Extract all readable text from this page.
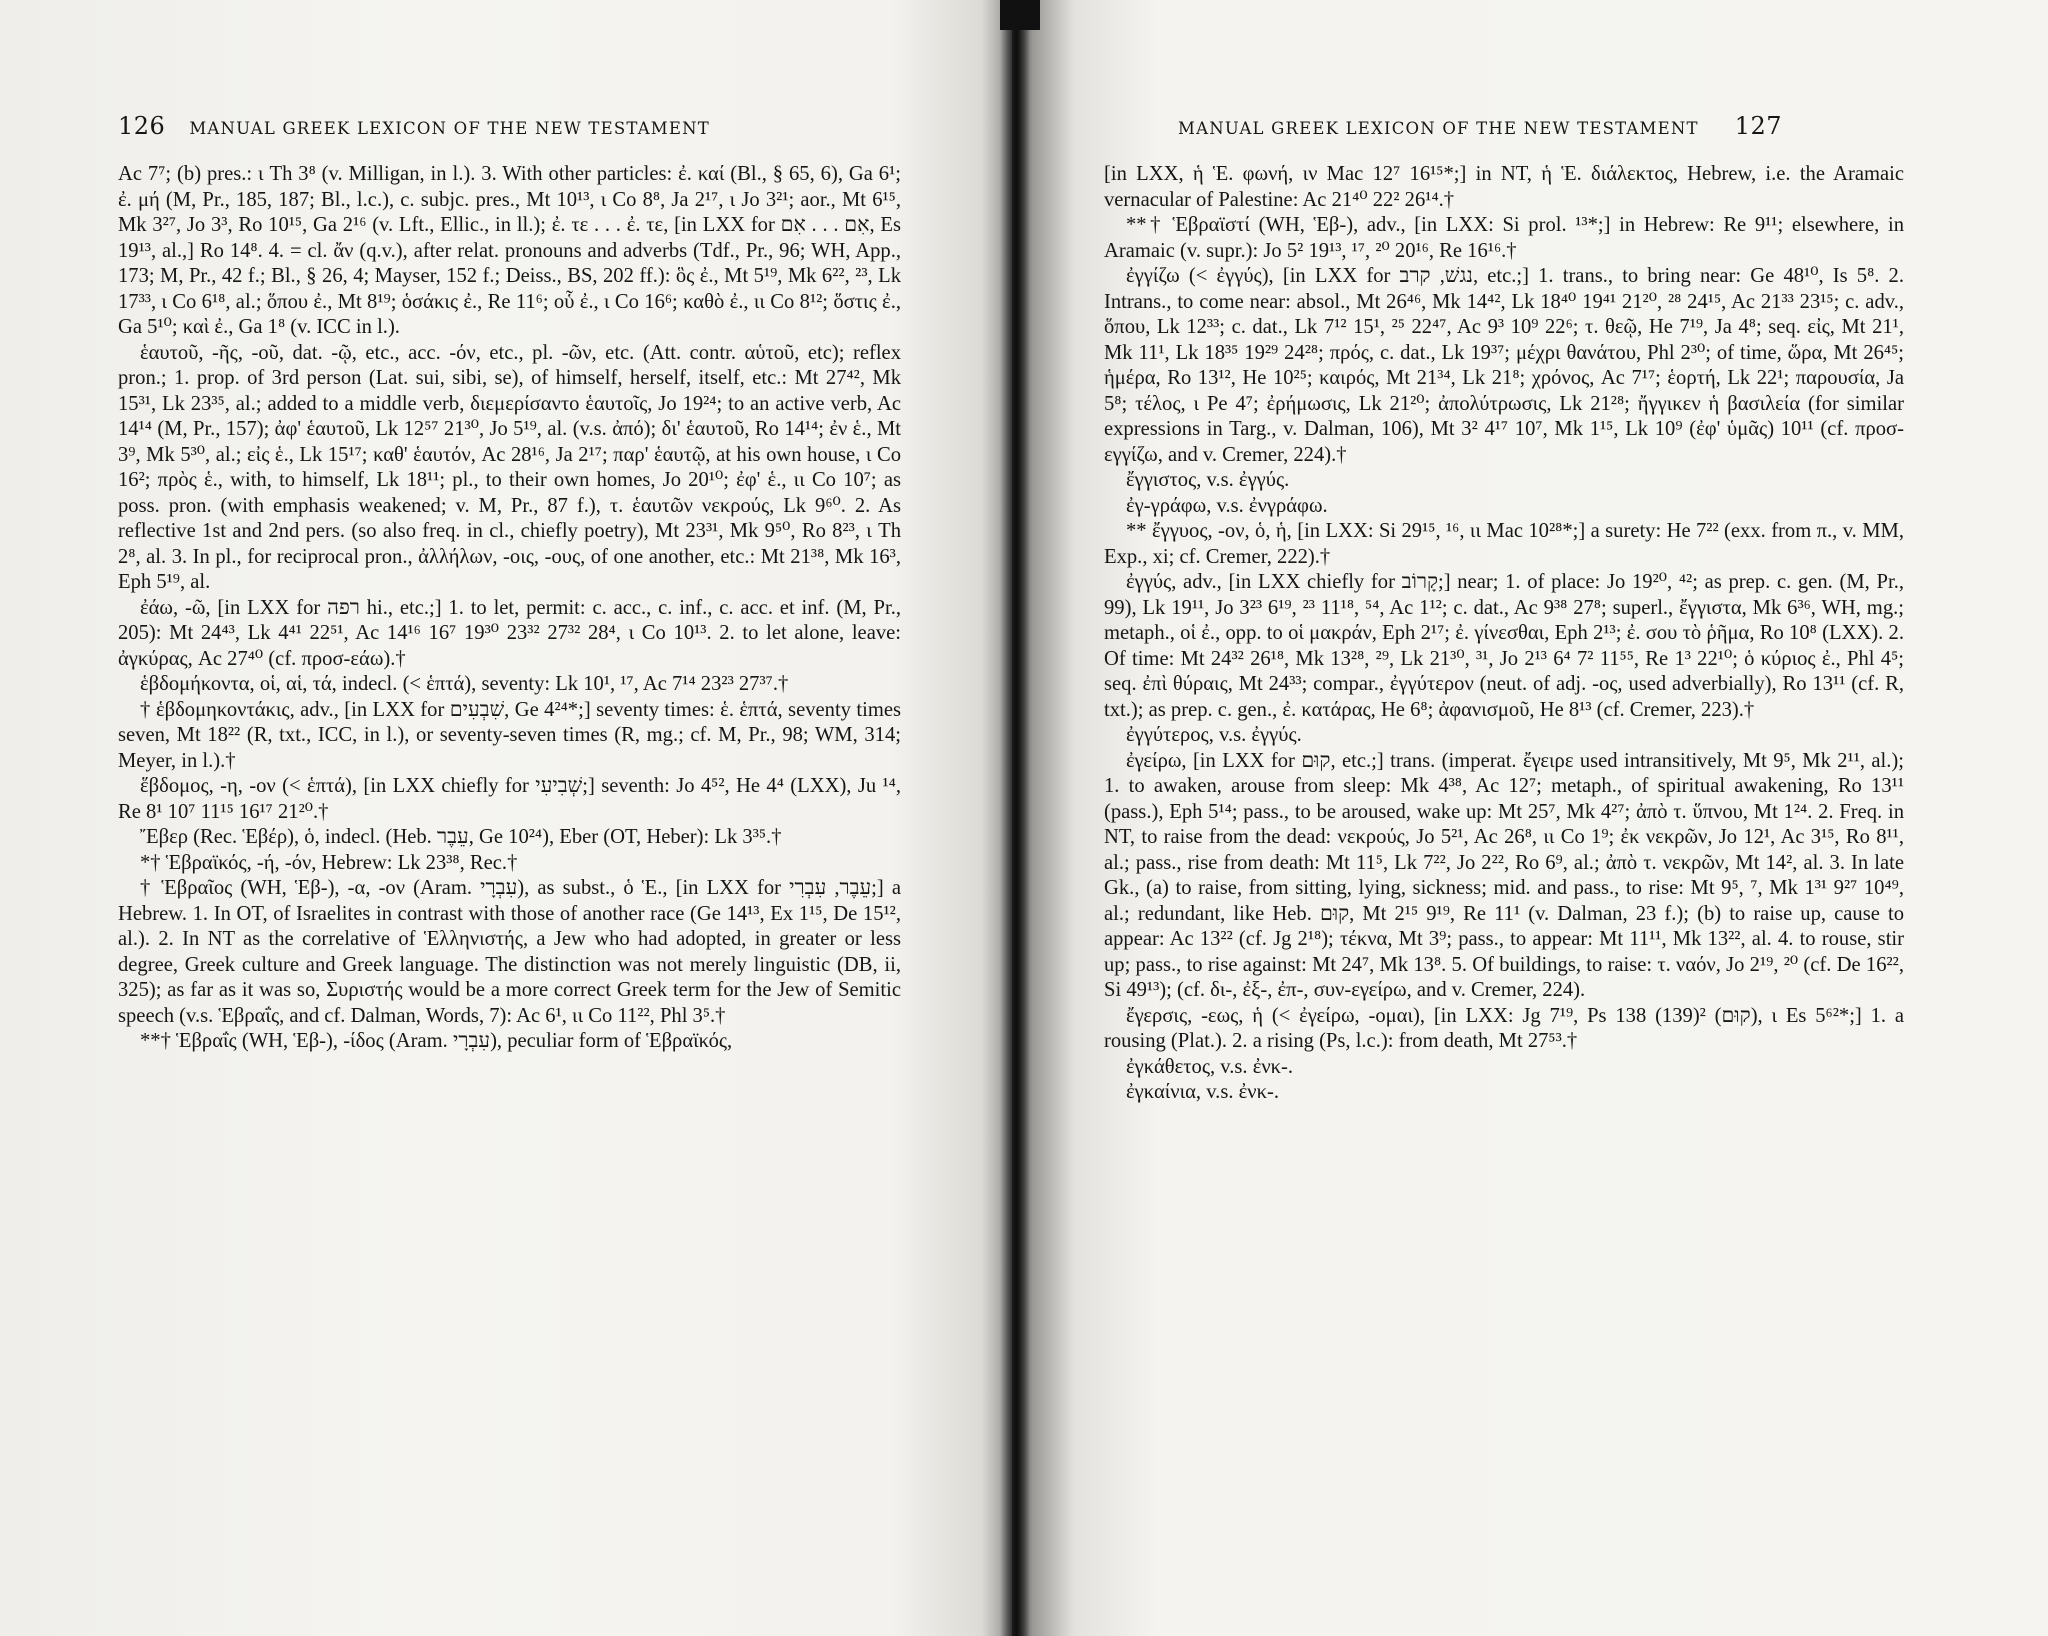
126 MANUAL GREEK LEXICON OF THE NEW TESTAMENT

Ac 7⁷; (b) pres.: ι Th 3⁸ (v. Milligan, in l.). 3. With other particles: ἐ. καί (Bl., § 65, 6), Ga 6¹; ἐ. μή (M, Pr., 185, 187; Bl., l.c.), c. subjc. pres., Mt 10¹³, ι Co 8⁸, Ja 2¹⁷, ι Jo 3²¹; aor., Mt 6¹⁵, Mk 3²⁷, Jo 3³, Ro 10¹⁵, Ga 2¹⁶ (v. Lft., Ellic., in ll.); ἐ. τε . . . ἐ. τε, [in LXX for אִם . . . אִם, Es 19¹³, al.,] Ro 14⁸. 4. = cl. ἄν (q.v.), after relat. pronouns and adverbs (Tdf., Pr., 96; WH, App., 173; M, Pr., 42 f.; Bl., § 26, 4; Mayser, 152 f.; Deiss., BS, 202 ff.): ὃς ἐ., Mt 5¹⁹, Mk 6²², ²³, Lk 17³³, ι Co 6¹⁸, al.; ὅπου ἐ., Mt 8¹⁹; ὁσάκις ἐ., Re 11⁶; οὗ ἐ., ι Co 16⁶; καθὸ ἐ., ιι Co 8¹²; ὅστις ἐ., Ga 5¹⁰; καὶ ἐ., Ga 1⁸ (v. ICC in l.).

ἑαυτοῦ, -ῆς, -οῦ, dat. -ῷ, etc., acc. -όν, etc., pl. -ῶν, etc. (Att. contr. αὑτοῦ, etc); reflex pron.; 1. prop. of 3rd person (Lat. sui, sibi, se), of himself, herself, itself, etc.: Mt 27⁴², Mk 15³¹, Lk 23³⁵, al.; added to a middle verb, διεμερίσαντο ἑαυτοῖς, Jo 19²⁴; to an active verb, Ac 14¹⁴ (M, Pr., 157); ἀφ' ἑαυτοῦ, Lk 12⁵⁷ 21³⁰, Jo 5¹⁹, al. (v.s. ἀπό); δι' ἑαυτοῦ, Ro 14¹⁴; ἐν ἑ., Mt 3⁹, Mk 5³⁰, al.; εἰς ἑ., Lk 15¹⁷; καθ' ἑαυτόν, Ac 28¹⁶, Ja 2¹⁷; παρ' ἑαυτῷ, at his own house, ι Co 16²; πρὸς ἑ., with, to himself, Lk 18¹¹; pl., to their own homes, Jo 20¹⁰; ἐφ' ἑ., ιι Co 10⁷; as poss. pron. (with emphasis weakened; v. M, Pr., 87 f.), τ. ἑαυτῶν νεκρούς, Lk 9⁶⁰. 2. As reflective 1st and 2nd pers. (so also freq. in cl., chiefly poetry), Mt 23³¹, Mk 9⁵⁰, Ro 8²³, ι Th 2⁸, al. 3. In pl., for reciprocal pron., ἀλλήλων, -οις, -ους, of one another, etc.: Mt 21³⁸, Mk 16³, Eph 5¹⁹, al.

ἐάω, -ῶ, [in LXX for רפה hi., etc.;] 1. to let, permit: c. acc., c. inf., c. acc. et inf. (M, Pr., 205): Mt 24⁴³, Lk 4⁴¹ 22⁵¹, Ac 14¹⁶ 16⁷ 19³⁰ 23³² 27³² 28⁴, ι Co 10¹³. 2. to let alone, leave: ἀγκύρας, Ac 27⁴⁰ (cf. προσ-εάω).†

ἑβδομήκοντα, οἱ, αἱ, τά, indecl. (< ἑπτά), seventy: Lk 10¹, ¹⁷, Ac 7¹⁴ 23²³ 27³⁷.†

† ἑβδομηκοντάκις, adv., [in LXX for שִׁבְעִים, Ge 4²⁴*;] seventy times: ἑ. ἑπτά, seventy times seven, Mt 18²² (R, txt., ICC, in l.), or seventy-seven times (R, mg.; cf. M, Pr., 98; WM, 314; Meyer, in l.).†

ἕβδομος, -η, -ον (< ἑπτά), [in LXX chiefly for שְׁבִיעִי;] seventh: Jo 4⁵², He 4⁴ (LXX), Ju ¹⁴, Re 8¹ 10⁷ 11¹⁵ 16¹⁷ 21²⁰.†

Ἔβερ (Rec. Ἑβέρ), ὁ, indecl. (Heb. עֵבֶר, Ge 10²⁴), Eber (OT, Heber): Lk 3³⁵.†

*† Ἑβραϊκός, -ή, -όν, Hebrew: Lk 23³⁸, Rec.†

† Ἑβραῖος (WH, Ἑβ-), -α, -ον (Aram. עִבְרָי), as subst., ὁ Ἑ., [in LXX for עֵבֶר, עִבְרִי;] a Hebrew. 1. In OT, of Israelites in contrast with those of another race (Ge 14¹³, Ex 1¹⁵, De 15¹², al.). 2. In NT as the correlative of Ἑλληνιστής, a Jew who had adopted, in greater or less degree, Greek culture and Greek language. The distinction was not merely linguistic (DB, ii, 325); as far as it was so, Συριστής would be a more correct Greek term for the Jew of Semitic speech (v.s. Ἑβραΐς, and cf. Dalman, Words, 7): Ac 6¹, ιι Co 11²², Phl 3⁵.†

**† Ἑβραΐς (WH, Ἑβ-), -ίδος (Aram. עִבְרָי), peculiar form of Ἑβραϊκός,

MANUAL GREEK LEXICON OF THE NEW TESTAMENT 127

[in LXX, ἡ Ἑ. φωνή, ιν Mac 12⁷ 16¹⁵*;] in NT, ἡ Ἑ. διάλεκτος, Hebrew, i.e. the Aramaic vernacular of Palestine: Ac 21⁴⁰ 22² 26¹⁴.†

**† Ἑβραϊστί (WH, Ἑβ-), adv., [in LXX: Si prol. ¹³*;] in Hebrew: Re 9¹¹; elsewhere, in Aramaic (v. supr.): Jo 5² 19¹³, ¹⁷, ²⁰ 20¹⁶, Re 16¹⁶.†

ἐγγίζω (< ἐγγύς), [in LXX for נגשׁ, קרב, etc.;] 1. trans., to bring near: Ge 48¹⁰, Is 5⁸. 2. Intrans., to come near: absol., Mt 26⁴⁶, Mk 14⁴², Lk 18⁴⁰ 19⁴¹ 21²⁰, ²⁸ 24¹⁵, Ac 21³³ 23¹⁵; c. adv., ὅπου, Lk 12³³; c. dat., Lk 7¹² 15¹, ²⁵ 22⁴⁷, Ac 9³ 10⁹ 22⁶; τ. θεῷ, He 7¹⁹, Ja 4⁸; seq. εἰς, Mt 21¹, Mk 11¹, Lk 18³⁵ 19²⁹ 24²⁸; πρός, c. dat., Lk 19³⁷; μέχρι θανάτου, Phl 2³⁰; of time, ὥρα, Mt 26⁴⁵; ἡμέρα, Ro 13¹², He 10²⁵; καιρός, Mt 21³⁴, Lk 21⁸; χρόνος, Ac 7¹⁷; ἑορτή, Lk 22¹; παρουσία, Ja 5⁸; τέλος, ι Pe 4⁷; ἐρήμωσις, Lk 21²⁰; ἀπολύτρωσις, Lk 21²⁸; ἤγγικεν ἡ βασιλεία (for similar expressions in Targ., v. Dalman, 106), Mt 3² 4¹⁷ 10⁷, Mk 1¹⁵, Lk 10⁹ (ἐφ' ὑμᾶς) 10¹¹ (cf. προσ-εγγίζω, and v. Cremer, 224).†

ἔγγιστος, v.s. ἐγγύς.

ἐγ-γράφω, v.s. ἐνγράφω.

** ἔγγυος, -ον, ὁ, ἡ, [in LXX: Si 29¹⁵, ¹⁶, ιι Mac 10²⁸*;] a surety: He 7²² (exx. from π., v. MM, Exp., xi; cf. Cremer, 222).†

ἐγγύς, adv., [in LXX chiefly for קָרוֹב;] near; 1. of place: Jo 19²⁰, ⁴²; as prep. c. gen. (M, Pr., 99), Lk 19¹¹, Jo 3²³ 6¹⁹, ²³ 11¹⁸, ⁵⁴, Ac 1¹²; c. dat., Ac 9³⁸ 27⁸; superl., ἔγγιστα, Mk 6³⁶, WH, mg.; metaph., οἱ ἐ., opp. to οἱ μακράν, Eph 2¹⁷; ἐ. γίνεσθαι, Eph 2¹³; ἐ. σου τὸ ῥῆμα, Ro 10⁸ (LXX). 2. Of time: Mt 24³² 26¹⁸, Mk 13²⁸, ²⁹, Lk 21³⁰, ³¹, Jo 2¹³ 6⁴ 7² 11⁵⁵, Re 1³ 22¹⁰; ὁ κύριος ἐ., Phl 4⁵; seq. ἐπὶ θύραις, Mt 24³³; compar., ἐγγύτερον (neut. of adj. -ος, used adverbially), Ro 13¹¹ (cf. R, txt.); as prep. c. gen., ἐ. κατάρας, He 6⁸; ἀφανισμοῦ, He 8¹³ (cf. Cremer, 223).†

ἐγγύτερος, v.s. ἐγγύς.

ἐγείρω, [in LXX for קוּם, etc.;] trans. (imperat. ἔγειρε used intransitively, Mt 9⁵, Mk 2¹¹, al.); 1. to awaken, arouse from sleep: Mk 4³⁸, Ac 12⁷; metaph., of spiritual awakening, Ro 13¹¹ (pass.), Eph 5¹⁴; pass., to be aroused, wake up: Mt 25⁷, Mk 4²⁷; ἀπὸ τ. ὕπνου, Mt 1²⁴. 2. Freq. in NT, to raise from the dead: νεκρούς, Jo 5²¹, Ac 26⁸, ιι Co 1⁹; ἐκ νεκρῶν, Jo 12¹, Ac 3¹⁵, Ro 8¹¹, al.; pass., rise from death: Mt 11⁵, Lk 7²², Jo 2²², Ro 6⁹, al.; ἀπὸ τ. νεκρῶν, Mt 14², al. 3. In late Gk., (a) to raise, from sitting, lying, sickness; mid. and pass., to rise: Mt 9⁵, ⁷, Mk 1³¹ 9²⁷ 10⁴⁹, al.; redundant, like Heb. קוּם, Mt 2¹⁵ 9¹⁹, Re 11¹ (v. Dalman, 23 f.); (b) to raise up, cause to appear: Ac 13²² (cf. Jg 2¹⁸); τέκνα, Mt 3⁹; pass., to appear: Mt 11¹¹, Mk 13²², al. 4. to rouse, stir up; pass., to rise against: Mt 24⁷, Mk 13⁸. 5. Of buildings, to raise: τ. ναόν, Jo 2¹⁹, ²⁰ (cf. De 16²², Si 49¹³); (cf. δι-, ἐξ-, ἐπ-, συν-εγείρω, and v. Cremer, 224).

ἔγερσις, -εως, ἡ (< ἐγείρω, -ομαι), [in LXX: Jg 7¹⁹, Ps 138 (139)² (קוּם), ι Es 5⁶²*;] 1. a rousing (Plat.). 2. a rising (Ps, l.c.): from death, Mt 27⁵³.†

ἐγκάθετος, v.s. ἐνκ-.

ἐγκαίνια, v.s. ἐνκ-.
